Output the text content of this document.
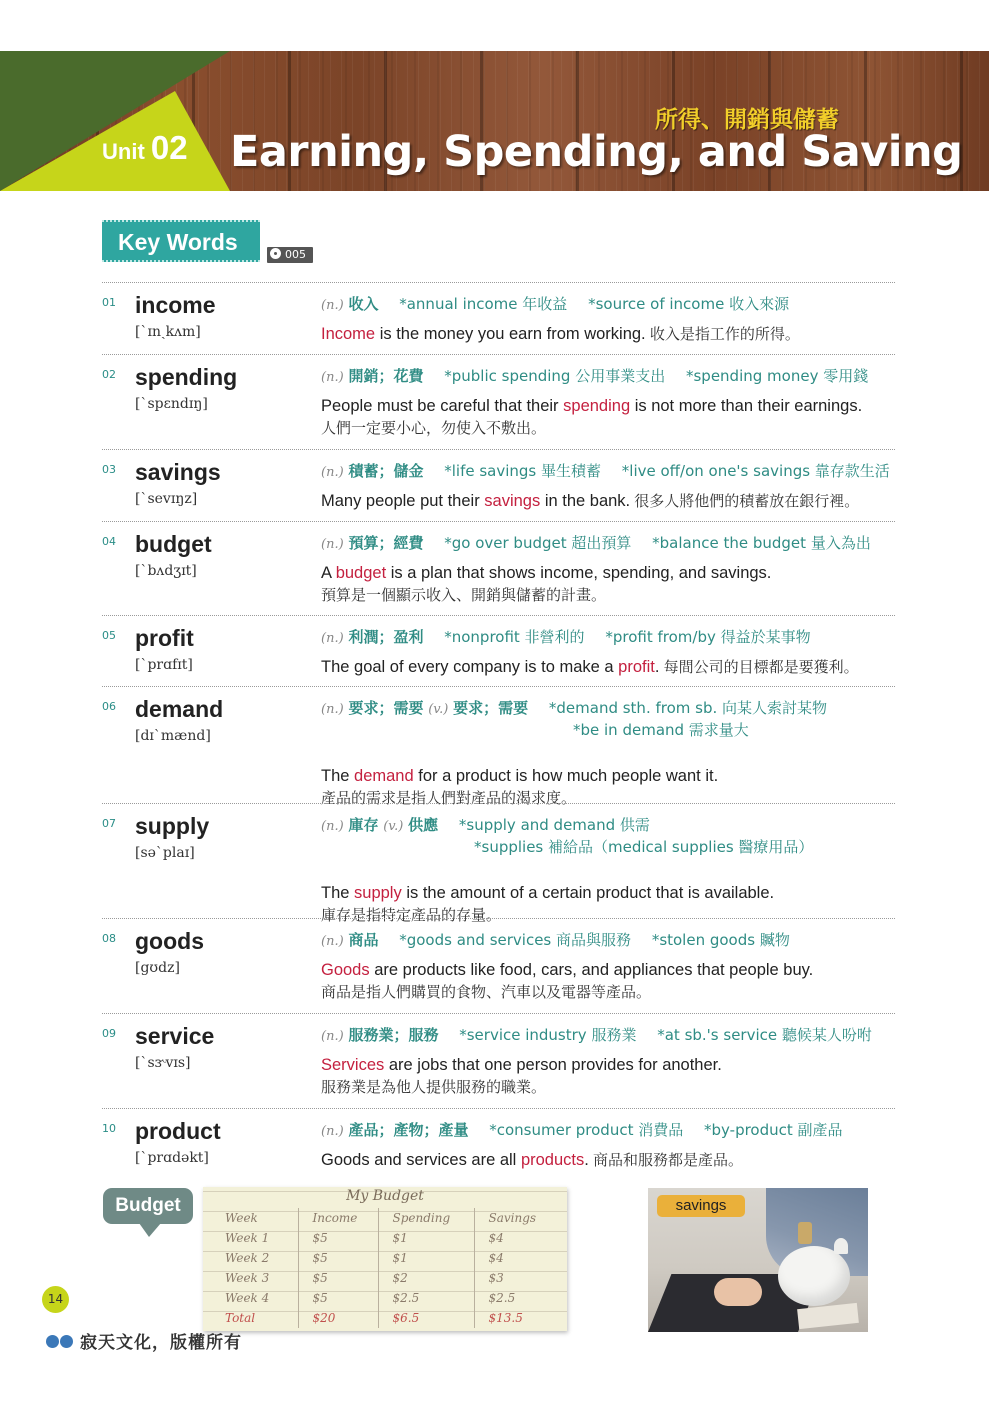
Unit 02
所得、開銷與儲蓄
Earning, Spending, and Saving
Key Words	005
01 income
[ˋɪnˏkʌm]
(n.) 收入 *annual income 年收益 *source of income 收入來源
Income is the money you earn from working. 收入是指工作的所得。
02 spending
[ˋspɛndɪŋ]
(n.) 開銷；花費 *public spending 公用事業支出 *spending money 零用錢
People must be careful that their spending is not more than their earnings.
人們一定要小心，勿使入不敷出。
03 savings
[ˋsevɪŋz]
(n.) 積蓄；儲金 *life savings 畢生積蓄 *live off/on one's savings 靠存款生活
Many people put their savings in the bank. 很多人將他們的積蓄放在銀行裡。
04 budget
[ˋbʌdʒɪt]
(n.) 預算；經費 *go over budget 超出預算 *balance the budget 量入為出
A budget is a plan that shows income, spending, and savings.
預算是一個顯示收入、開銷與儲蓄的計畫。
05 profit
[ˋprɑfɪt]
(n.) 利潤；盈利 *nonprofit 非營利的 *profit from/by 得益於某事物
The goal of every company is to make a profit. 每間公司的目標都是要獲利。
06 demand
[dɪˋmænd]
(n.) 要求；需要 (v.) 要求；需要 *demand sth. from sb. 向某人索討某物
*be in demand 需求量大
The demand for a product is how much people want it.
產品的需求是指人們對產品的渴求度。
07 supply
[səˋplaɪ]
(n.) 庫存 (v.) 供應 *supply and demand 供需
*supplies 補給品（medical supplies 醫療用品）
The supply is the amount of a certain product that is available.
庫存是指特定產品的存量。
08 goods
[gʊdz]
(n.) 商品 *goods and services 商品與服務 *stolen goods 贓物
Goods are products like food, cars, and appliances that people buy.
商品是指人們購買的食物、汽車以及電器等產品。
09 service
[ˋsɝvɪs]
(n.) 服務業；服務 *service industry 服務業 *at sb.'s service 聽候某人吩咐
Services are jobs that one person provides for another.
服務業是為他人提供服務的職業。
10 product
[ˋprɑdəkt]
(n.) 產品；產物；產量 *consumer product 消費品 *by-product 副產品
Goods and services are all products. 商品和服務都是產品。
Budget	My Budget
Week	Income	Spending	Savings
Week 1	$5	$1	$4
Week 2	$5	$1	$4
Week 3	$5	$2	$3
Week 4	$5	$2.5	$2.5
Total	$20	$6.5	$13.5
savings
14
寂天文化，版權所有
